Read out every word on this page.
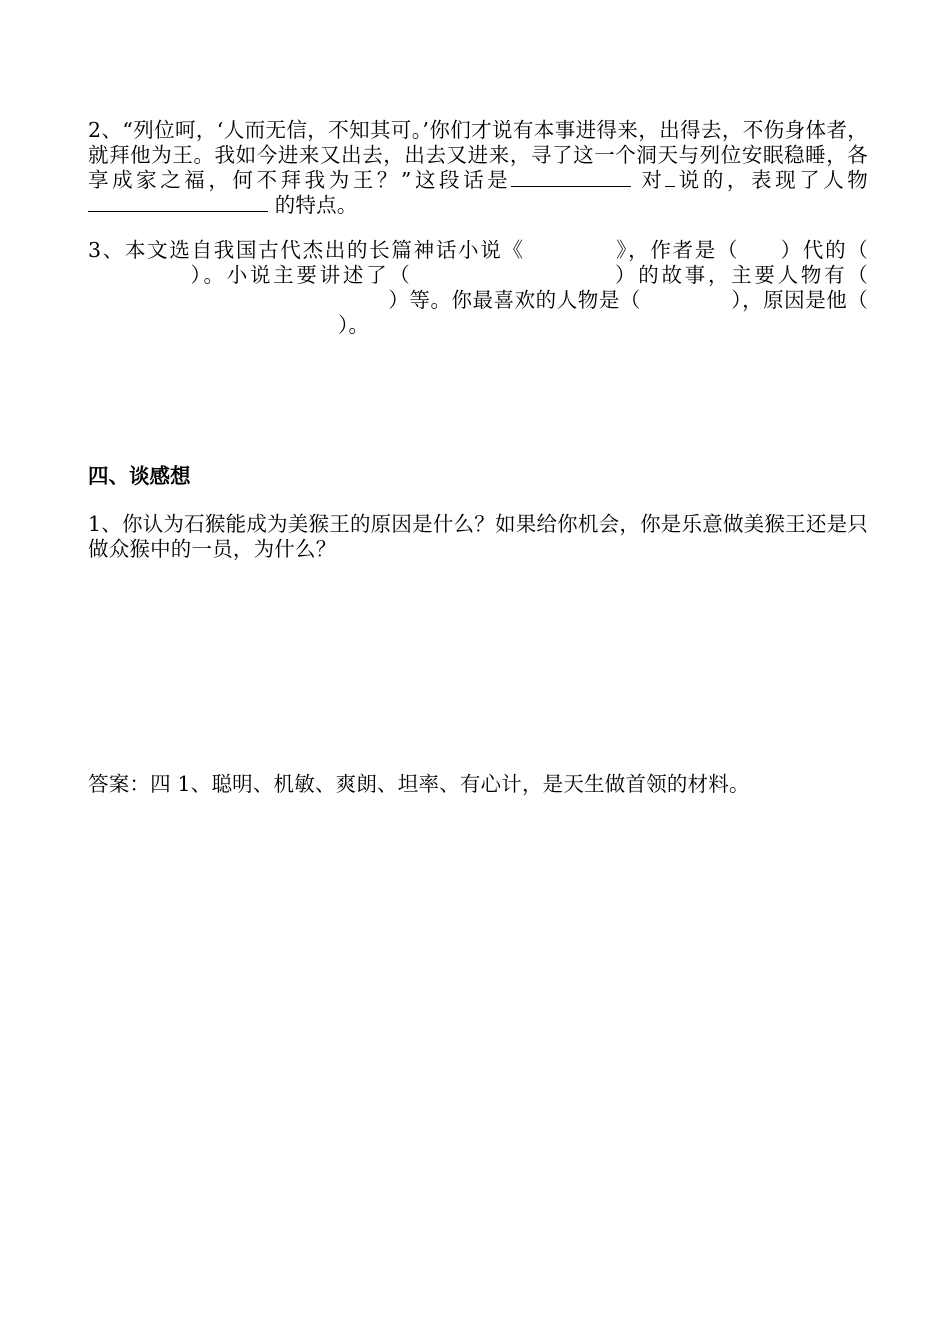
2、“列位呵，‘人而无信，不知其可。’你们才说有本事进得来，出得去，不伤身体者，就拜他为王。我如今进来又出去，出去又进来，寻了这一个洞天与列位安眠稳睡，各享成家之福，何不拜我为王？”这段话是	对 说的，表现了人物 的特点。

3、本文选自我国古代杰出的长篇神话小说《	》，作者是（ ）代的（）。小说主要讲述了（	）的故事，主要人物有（）等。你最喜欢的人物是（	），原因是他（）。

四、谈感想

1、你认为石猴能成为美猴王的原因是什么？如果给你机会，你是乐意做美猴王还是只做众猴中的一员，为什么？

答案：四 1、聪明、机敏、爽朗、坦率、有心计，是天生做首领的材料。
